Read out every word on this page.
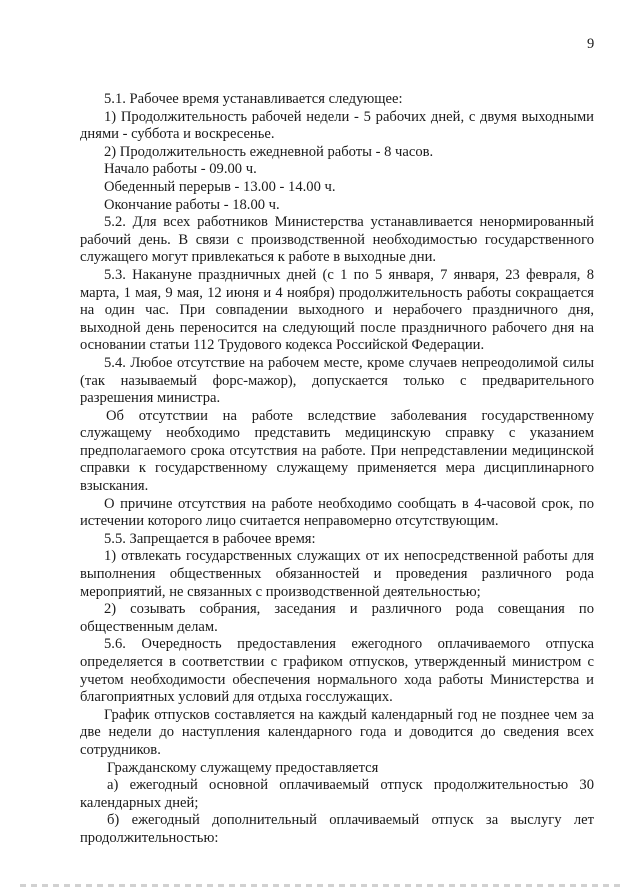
9

5.1. Рабочее время устанавливается следующее:

1) Продолжительность рабочей недели - 5 рабочих дней, с двумя выходными днями - суббота и воскресенье.

2) Продолжительность ежедневной работы - 8 часов.

Начало работы - 09.00 ч.

Обеденный перерыв - 13.00 - 14.00 ч.

Окончание работы - 18.00 ч.

5.2. Для всех работников Министерства устанавливается ненормированный рабочий день. В связи с производственной необходимостью государственного служащего могут привлекаться к работе в выходные дни.

5.3. Накануне праздничных дней (с 1 по 5 января, 7 января, 23 февраля, 8 марта, 1 мая, 9 мая, 12 июня и 4 ноября) продолжительность работы сокращается на один час. При совпадении выходного и нерабочего праздничного дня, выходной день переносится на следующий после праздничного рабочего дня на основании статьи 112 Трудового кодекса Российской Федерации.

5.4. Любое отсутствие на рабочем месте, кроме случаев непреодолимой силы (так называемый форс-мажор), допускается только с предварительного разрешения министра.

Об отсутствии на работе вследствие заболевания государственному служащему необходимо представить медицинскую справку с указанием предполагаемого срока отсутствия на работе. При непредставлении медицинской справки к государственному служащему применяется мера дисциплинарного взыскания.

О причине отсутствия на работе необходимо сообщать в 4-часовой срок, по истечении которого лицо считается неправомерно отсутствующим.

5.5. Запрещается в рабочее время:

1) отвлекать государственных служащих от их непосредственной работы для выполнения общественных обязанностей и проведения различного рода мероприятий, не связанных с производственной деятельностью;

2) созывать собрания, заседания и различного рода совещания по общественным делам.

5.6. Очередность предоставления ежегодного оплачиваемого отпуска определяется в соответствии с графиком отпусков, утвержденный министром с учетом необходимости обеспечения нормального хода работы Министерства и благоприятных условий для отдыха госслужащих.

График отпусков составляется на каждый календарный год не позднее чем за две недели до наступления календарного года и доводится до сведения всех сотрудников.

Гражданскому служащему предоставляется

а) ежегодный основной оплачиваемый отпуск продолжительностью 30 календарных дней;

б) ежегодный дополнительный оплачиваемый отпуск за выслугу лет продолжительностью:
